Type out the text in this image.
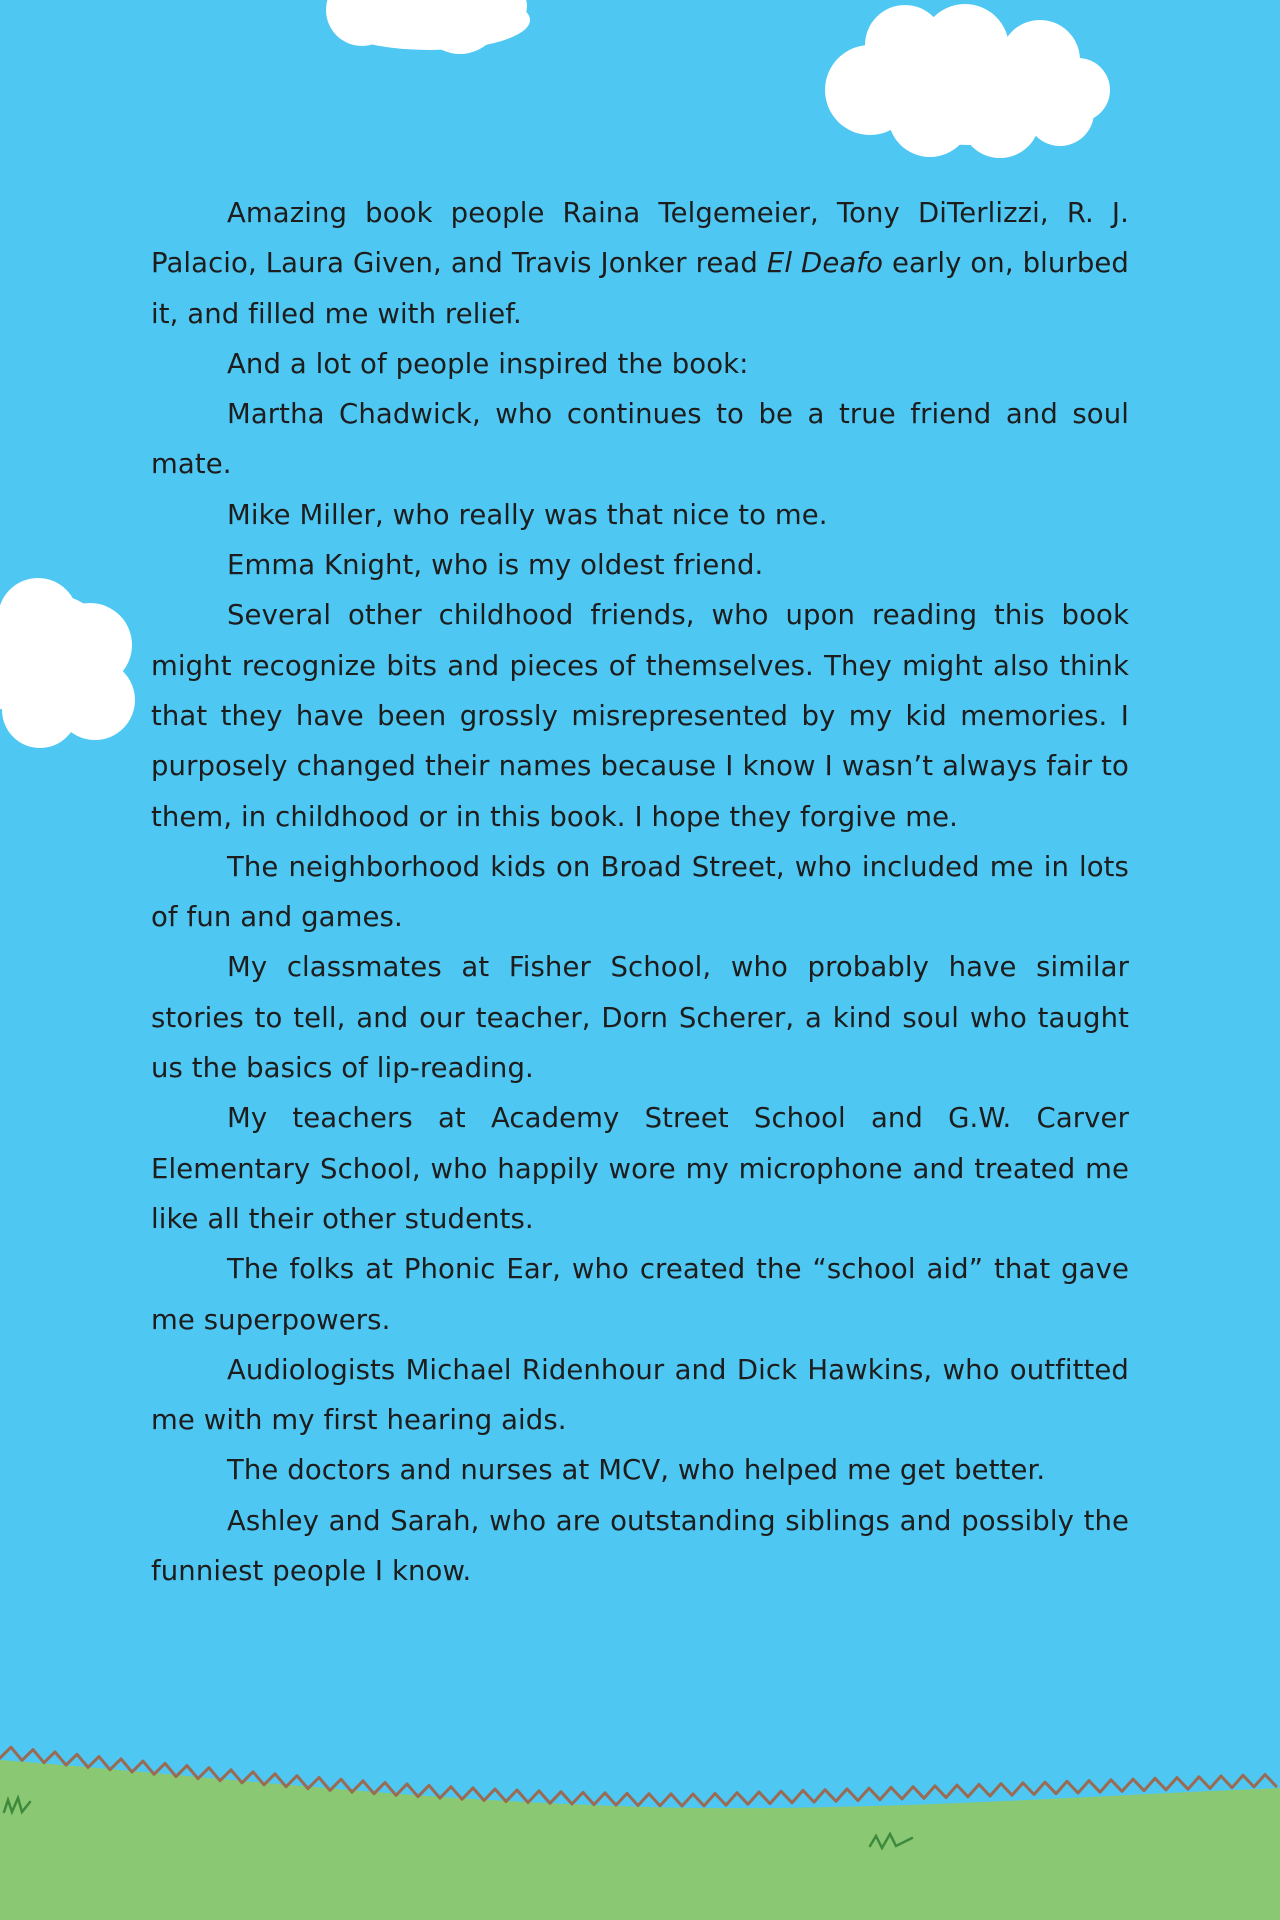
Amazing book people Raina Telgemeier, Tony DiTerlizzi, R. J. Palacio, Laura Given, and Travis Jonker read El Deafo early on, blurbed it, and filled me with relief.

And a lot of people inspired the book:

Martha Chadwick, who continues to be a true friend and soul mate.

Mike Miller, who really was that nice to me.

Emma Knight, who is my oldest friend.

Several other childhood friends, who upon reading this book might recognize bits and pieces of themselves. They might also think that they have been grossly misrepresented by my kid memories. I purposely changed their names because I know I wasn’t always fair to them, in childhood or in this book. I hope they forgive me.

The neighborhood kids on Broad Street, who included me in lots of fun and games.

My classmates at Fisher School, who probably have similar stories to tell, and our teacher, Dorn Scherer, a kind soul who taught us the basics of lip-reading.

My teachers at Academy Street School and G.W. Carver Elementary School, who happily wore my microphone and treated me like all their other students.

The folks at Phonic Ear, who created the “school aid” that gave me superpowers.

Audiologists Michael Ridenhour and Dick Hawkins, who outfitted me with my first hearing aids.

The doctors and nurses at MCV, who helped me get better.

Ashley and Sarah, who are outstanding siblings and possibly the funniest people I know.
